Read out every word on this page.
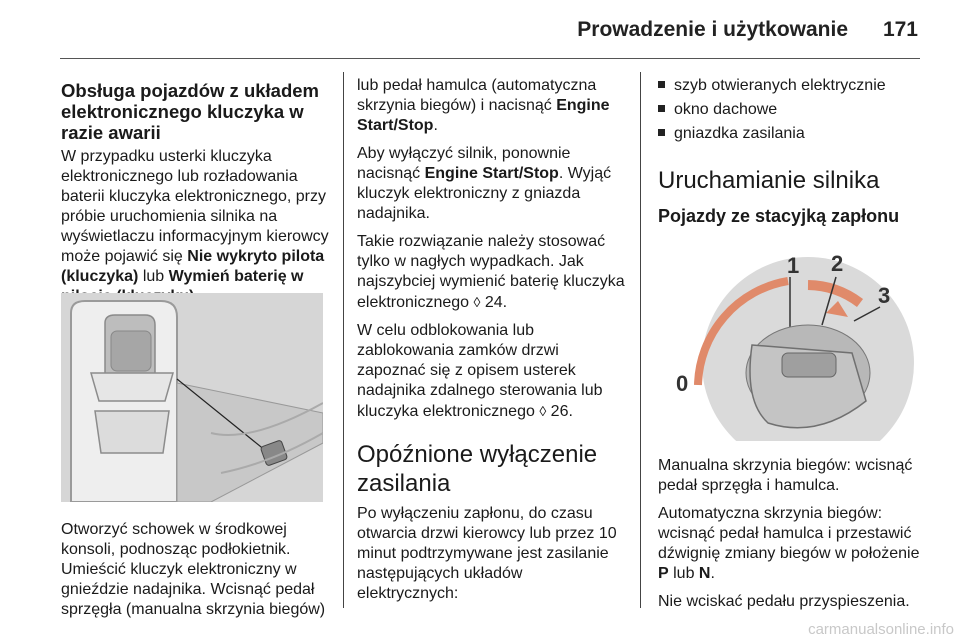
Prowadzenie i użytkowanie 171
Obsługa pojazdów z układem elektronicznego kluczyka w razie awarii

W przypadku usterki kluczyka elektronicznego lub rozładowania baterii kluczyka elektronicznego, przy próbie uruchomienia silnika na wyświetlaczu informacyjnym kierowcy może pojawić się Nie wykryto pilota (kluczyka) lub Wymień baterię w

Otworzyć schowek w środkowej konsoli, podnosząc podłokietnik. Umieścić kluczyk elektroniczny w gnieździe nadajnika. Wcisnąć pedał sprzęgła (manualna skrzynia biegów)

lub pedał hamulca (automatyczna skrzynia biegów) i nacisnąć Engine Start/Stop.

Aby wyłączyć silnik, ponownie nacisnąć Engine Start/Stop. Wyjąć kluczyk elektroniczny z gniazda nadajnika.

Takie rozwiązanie należy stosować tylko w nagłych wypadkach. Jak najszybciej wymienić baterię kluczyka elektronicznego ◊ 24.

W celu odblokowania lub zablokowania zamków drzwi zapoznać się z opisem usterek nadajnika zdalnego sterowania lub kluczyka elektronicznego ◊ 26.

Opóźnione wyłączenie zasilania

Po wyłączeniu zapłonu, do czasu otwarcia drzwi kierowcy lub przez 10 minut podtrzymywane jest zasilanie następujących układów elektrycznych:

szyb otwieranych elektrycznie
okno dachowe
gniazdka zasilania
Uruchamianie silnika
Pojazdy ze stacyjką zapłonu
1 2
3
0

Manualna skrzynia biegów: wcisnąć pedał sprzęgła i hamulca.

Automatyczna skrzynia biegów: wcisnąć pedał hamulca i przestawić dźwignię zmiany biegów w położenie P lub N.

Nie wciskać pedału przyspieszenia.

carmanualsonline.info
